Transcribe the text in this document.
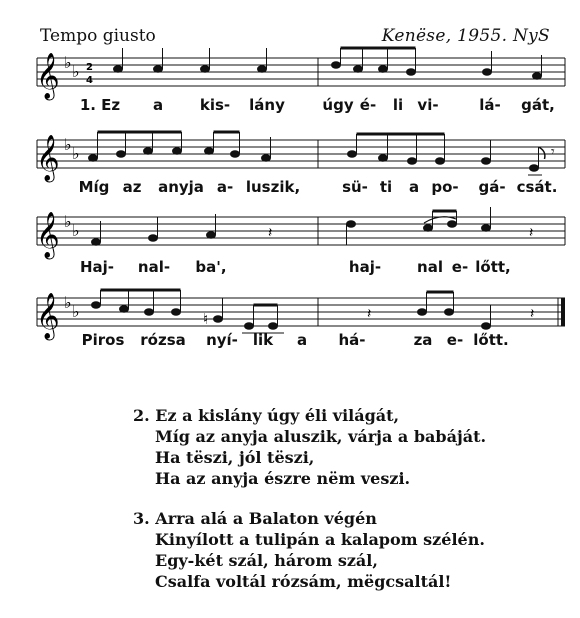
Tempo giusto	Kenëse, 1955. NyS
𝄞 ♭ ♭ 2
4
1. Ez a kis- lány	úgy é- li vi-	lá- gát,
𝄞 ♭ ♭	𝄾
Míg az anyja a- luszik,	sü- ti a po- gá- csát.
𝄞 ♭ ♭	𝄽	𝄽
Haj- nal- ba',	haj- nal e- lőtt,
𝄞 ♭ ♭	♮	𝄽	𝄽
Piros rózsa nyí- lik a há-	za e- lőtt.
2. Ez a kislány úgy éli világát,
Míg az anyja aluszik, várja a babáját.
Ha tëszi, jól tëszi,
Ha az anyja észre nëm veszi.
3. Arra alá a Balaton végén
Kinyílott a tulipán a kalapom szélén.
Egy-két szál, három szál,
Csalfa voltál rózsám, mëgcsaltál!
